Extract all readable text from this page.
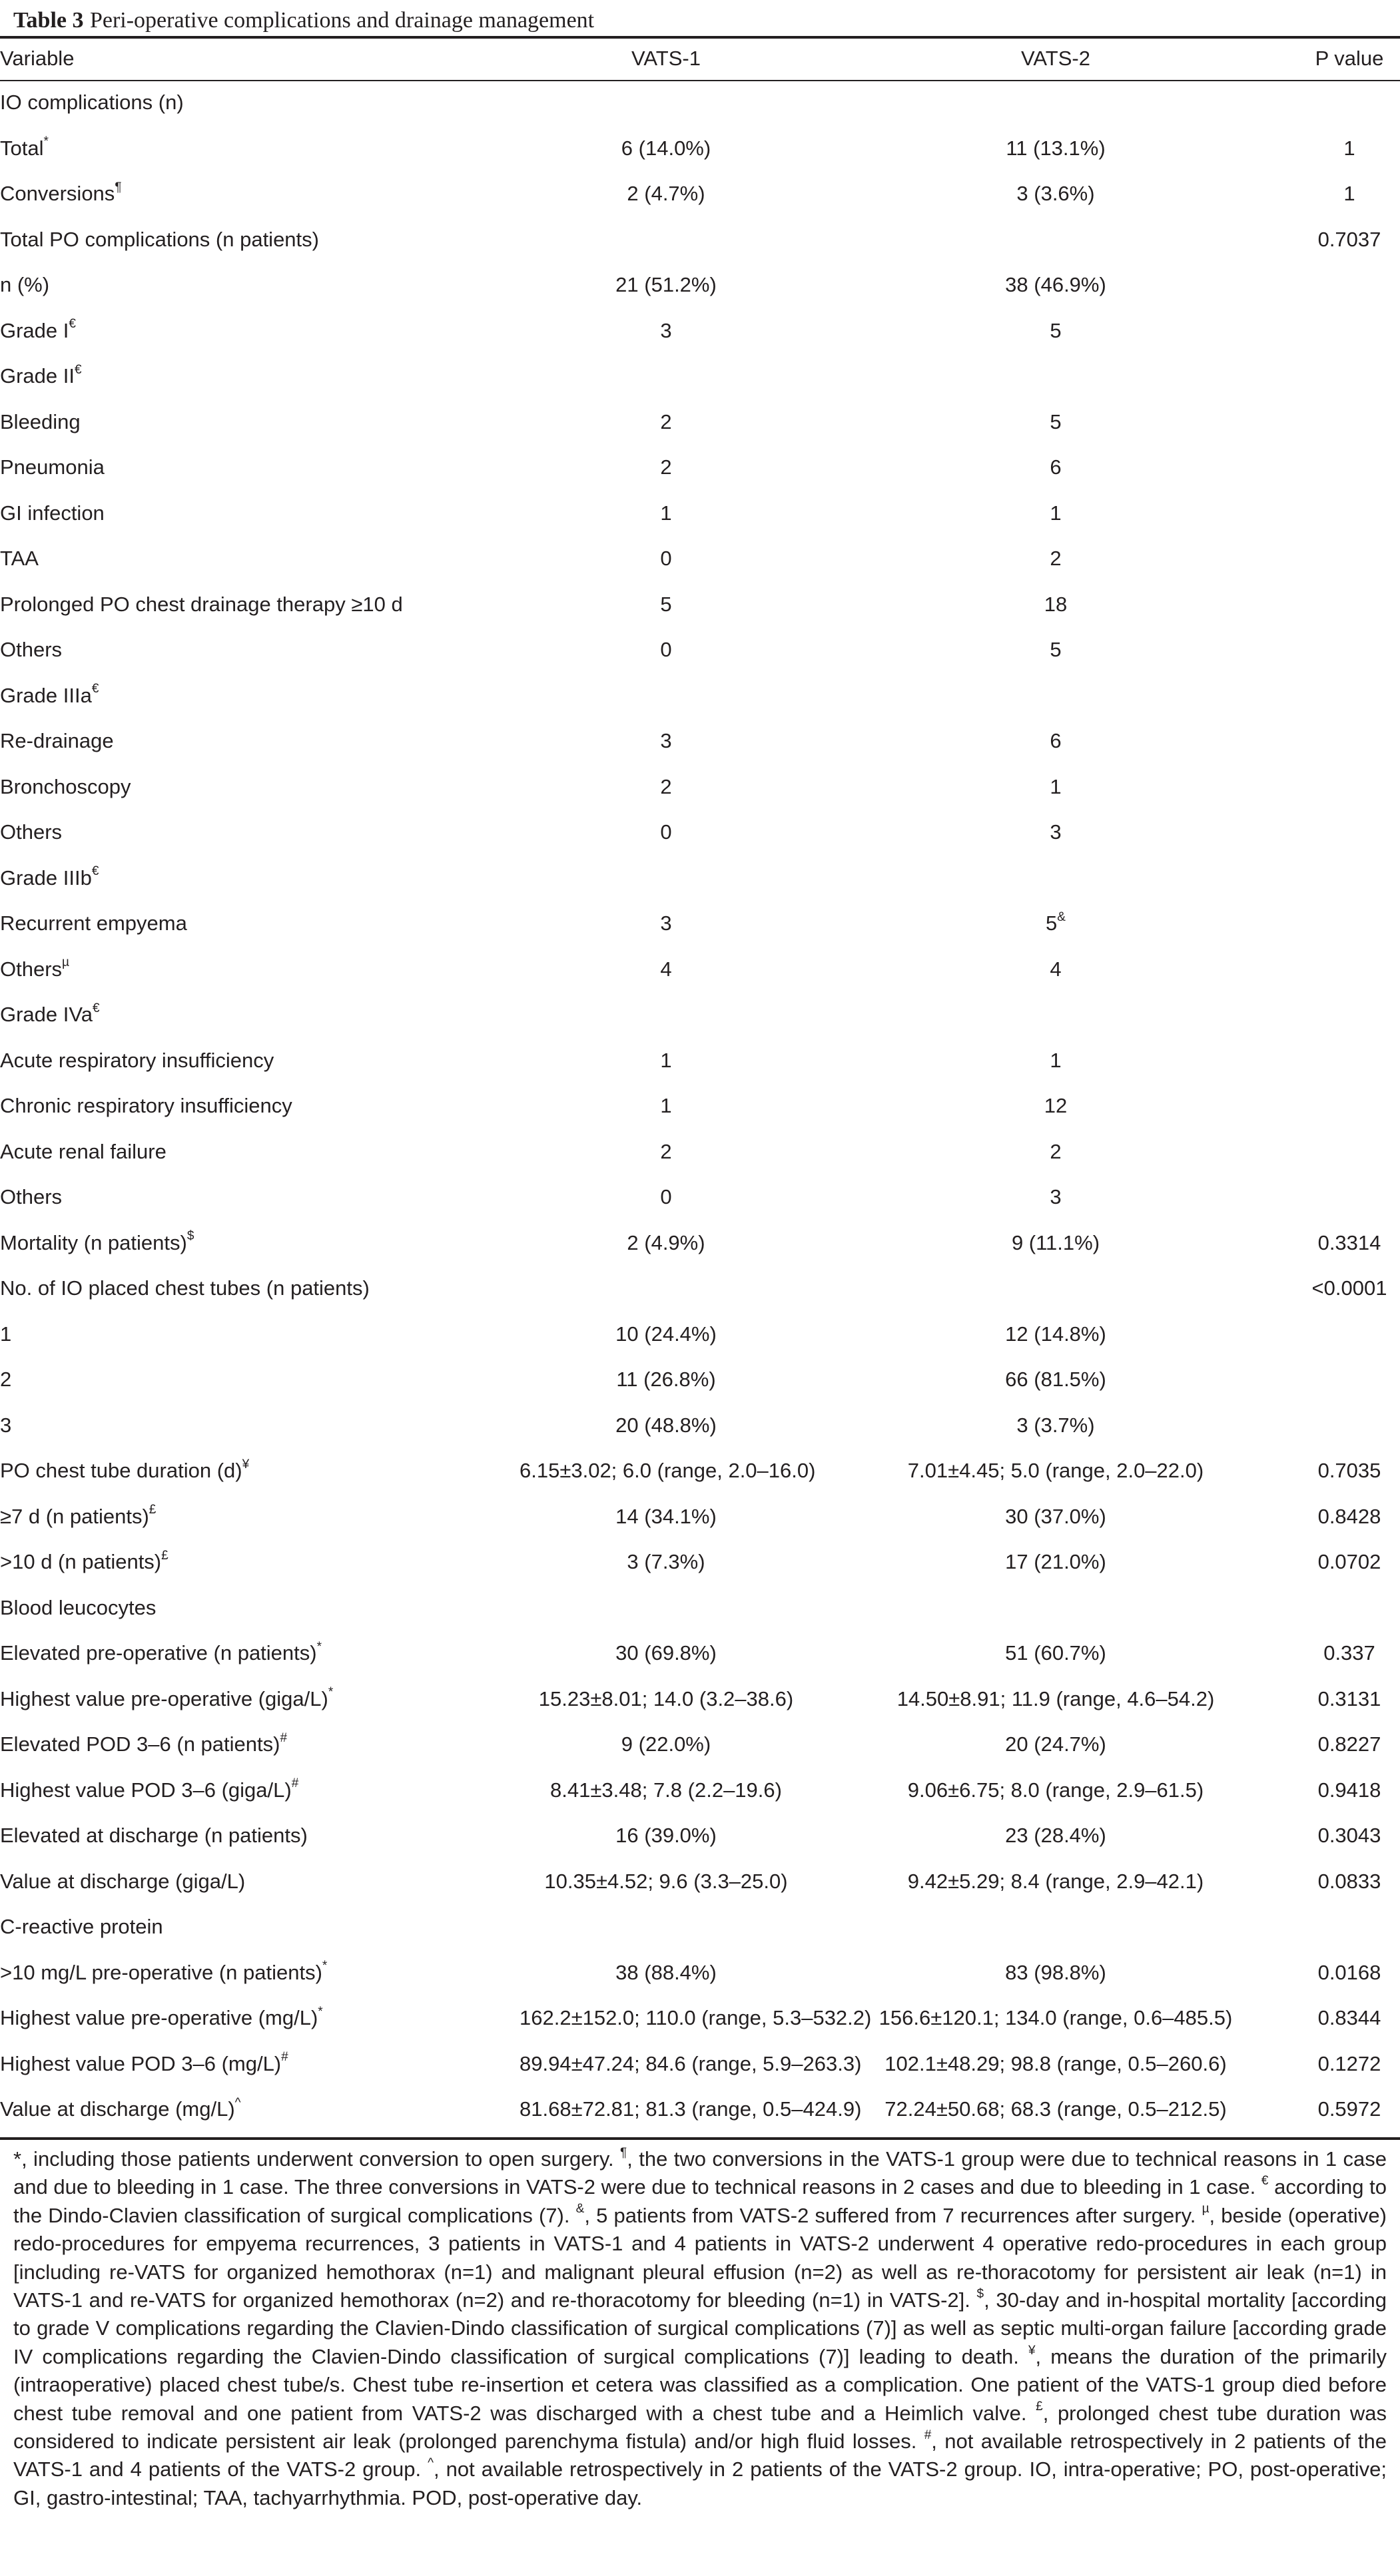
Table 3 Peri-operative complications and drainage management
Variable	VATS-1	VATS-2	P value
IO complications (n)			
Total*	6 (14.0%)	11 (13.1%)	1
Conversions¶	2 (4.7%)	3 (3.6%)	1
Total PO complications (n patients)			0.7037
n (%)	21 (51.2%)	38 (46.9%)	
Grade I€	3	5	
Grade II€			
Bleeding	2	5	
Pneumonia	2	6	
GI infection	1	1	
TAA	0	2	
Prolonged PO chest drainage therapy ≥10 d	5	18	
Others	0	5	
Grade IIIa€			
Re-drainage	3	6	
Bronchoscopy	2	1	
Others	0	3	
Grade IIIb€			
Recurrent empyema	3	5&	
Others$^\mu$	4	4	
Grade IVa€			
Acute respiratory insufficiency	1	1	
Chronic respiratory insufficiency	1	12	
Acute renal failure	2	2	
Others	0	3	
Mortality (n patients)$	2 (4.9%)	9 (11.1%)	0.3314
No. of IO placed chest tubes (n patients)			<0.0001
1	10 (24.4%)	12 (14.8%)	
2	11 (26.8%)	66 (81.5%)	
3	20 (48.8%)	3 (3.7%)	
PO chest tube duration (d)¥	6.15±3.02; 6.0 (range, 2.0–16.0)	7.01±4.45; 5.0 (range, 2.0–22.0)	0.7035
≥7 d (n patients)£	14 (34.1%)	30 (37.0%)	0.8428
>10 d (n patients)£	3 (7.3%)	17 (21.0%)	0.0702
Blood leucocytes			
Elevated pre-operative (n patients)*	30 (69.8%)	51 (60.7%)	0.337
Highest value pre-operative (giga/L)*	15.23±8.01; 14.0 (3.2–38.6)	14.50±8.91; 11.9 (range, 4.6–54.2)	0.3131
Elevated POD 3–6 (n patients)#	9 (22.0%)	20 (24.7%)	0.8227
Highest value POD 3–6 (giga/L)#	8.41±3.48; 7.8 (2.2–19.6)	9.06±6.75; 8.0 (range, 2.9–61.5)	0.9418
Elevated at discharge (n patients)	16 (39.0%)	23 (28.4%)	0.3043
Value at discharge (giga/L)	10.35±4.52; 9.6 (3.3–25.0)	9.42±5.29; 8.4 (range, 2.9–42.1)	0.0833
C-reactive protein			
>10 mg/L pre-operative (n patients)*	38 (88.4%)	83 (98.8%)	0.0168
Highest value pre-operative (mg/L)*	162.2±152.0; 110.0 (range, 5.3–532.2)	156.6±120.1; 134.0 (range, 0.6–485.5)	0.8344
Highest value POD 3–6 (mg/L)#	89.94±47.24; 84.6 (range, 5.9–263.3)	102.1±48.29; 98.8 (range, 0.5–260.6)	0.1272
Value at discharge (mg/L)^	81.68±72.81; 81.3 (range, 0.5–424.9)	72.24±50.68; 68.3 (range, 0.5–212.5)	0.5972

*, including those patients underwent conversion to open surgery. ¶, the two conversions in the VATS-1 group were due to technical reasons in 1 case and due to bleeding in 1 case. The three conversions in VATS-2 were due to technical reasons in 2 cases and due to bleeding in 1 case. € according to the Dindo-Clavien classification of surgical complications (7). &, 5 patients from VATS-2 suffered from 7 recurrences after surgery. $^\mu$, beside (operative) redo-procedures for empyema recurrences, 3 patients in VATS-1 and 4 patients in VATS-2 underwent 4 operative redo-procedures in each group [including re-VATS for organized hemothorax (n=1) and malignant pleural effusion (n=2) as well as re-thoracotomy for persistent air leak (n=1) in VATS-1 and re-VATS for organized hemothorax (n=2) and re-thoracotomy for bleeding (n=1) in VATS-2]. $, 30-day and in-hospital mortality [according to grade V complications regarding the Clavien-Dindo classification of surgical complications (7)] as well as septic multi-organ failure [according grade IV complications regarding the Clavien-Dindo classification of surgical complications (7)] leading to death. ¥, means the duration of the primarily (intraoperative) placed chest tube/s. Chest tube re-insertion et cetera was classified as a complication. One patient of the VATS-1 group died before chest tube removal and one patient from VATS-2 was discharged with a chest tube and a Heimlich valve. £, prolonged chest tube duration was considered to indicate persistent air leak (prolonged parenchyma fistula) and/or high fluid losses. #, not available retrospectively in 2 patients of the VATS-1 and 4 patients of the VATS-2 group. ^, not available retrospectively in 2 patients of the VATS-2 group. IO, intra-operative; PO, post-operative; GI, gastro-intestinal; TAA, tachyarrhythmia. POD, post-operative day.
